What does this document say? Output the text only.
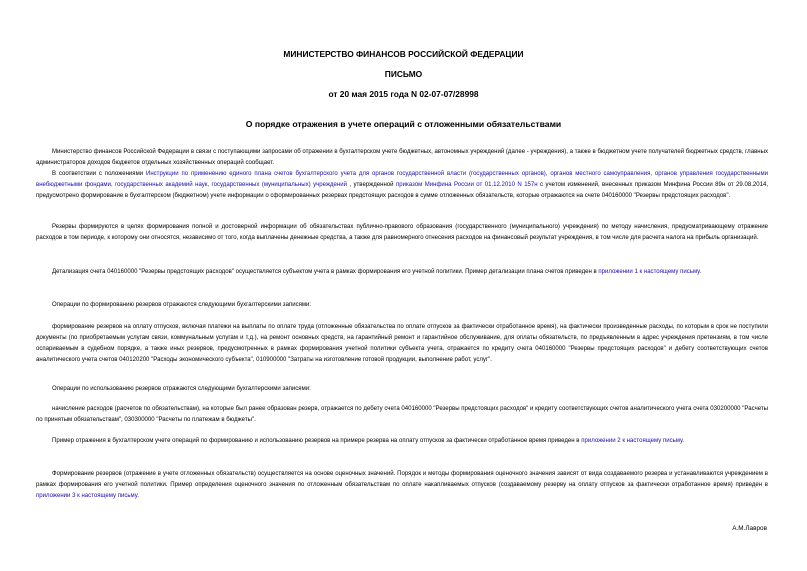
МИНИСТЕРСТВО ФИНАНСОВ РОССИЙСКОЙ ФЕДЕРАЦИИ
ПИСЬМО
от 20 мая 2015 года N 02-07-07/28998
О порядке отражения в учете операций с отложенными обязательствами
Министерство финансов Российской Федерации в связи с поступающими запросами об отражении в бухгалтерском учете бюджетных, автономных учреждений (далее - учреждения), а также в бюджетном учете получателей бюджетных средств, главных администраторов доходов бюджетов отдельных хозяйственных операций сообщает.
В соответствии с положениями Инструкции по применению единого плана счетов бухгалтерского учета для органов государственной власти (государственных органов), органов местного самоуправления, органов управления государственными внебюджетными фондами, государственных академий наук, государственных (муниципальных) учреждений , утвержденной приказом Минфина России от 01.12.2010 N 157н с учетом изменений, внесенных приказом Минфина России 89н от 29.08.2014, предусмотрено формирование в бухгалтерском (бюджетном) учете информации о сформированных резервах предстоящих расходов в сумме отложенных обязательств, которые отражаются на счете 040160000 "Резервы предстоящих расходов".
Резервы формируются в целях формирования полной и достоверной информации об обязательствах публично-правового образования (государственного (муниципального) учреждения) по методу начисления, предусматривающему отражение расходов в том периоде, к которому они относятся, независимо от того, когда выплачены денежные средства, а также для равномерного отнесения расходов на финансовый результат учреждения, в том числе для расчета налога на прибыль организаций.
Детализация счета 040160000 "Резервы предстоящих расходов" осуществляется субъектом учета в рамках формирования его учетной политики. Пример детализации плана счетов приведен в приложении 1 к настоящему письму.
Операции по формированию резервов отражаются следующими бухгалтерскими записями:
формирование резервов на оплату отпусков, включая платежи на выплаты по оплате труда (отложенные обязательства по оплате отпусков за фактически отработанное время), на фактически произведенные расходы, по которым в срок не поступили документы (по приобретаемым услугам связи, коммунальным услугам и т.д.), на ремонт основных средств, на гарантийный ремонт и гарантийное обслуживание, для оплаты обязательств, по предъявленным в адрес учреждения претензиям, в том числе оспариваемым в судебном порядке, а также иных резервов, предусмотренных в рамках формирования учетной политики субъекта учета, отражается по кредиту счета 040160000 "Резервы предстоящих расходов" и дебету соответствующих счетов аналитического учета счетов 040120200 "Расходы экономического субъекта", 010900000 "Затраты на изготовление готовой продукции, выполнение работ, услуг".
Операции по использованию резервов отражаются следующими бухгалтерскими записями:
начисление расходов (расчетов по обязательствам), на которые был ранее образован резерв, отражается по дебету счета 040160000 "Резервы предстоящих расходов" и кредиту соответствующих счетов аналитического учета счета 030200000 "Расчеты по принятым обязательствам", 030300000 "Расчеты по платежам в бюджеты".
Пример отражения в бухгалтерском учете операций по формированию и использованию резервов на примере резерва на оплату отпусков за фактически отработанное время приведен в приложении 2 к настоящему письму.
Формирование резервов (отражение в учете отложенных обязательств) осуществляется на основе оценочных значений. Порядок и методы формирования оценочного значения зависят от вида создаваемого резерва и устанавливаются учреждением в рамках формирования его учетной политики. Пример определения оценочного значения по отложенным обязательствам по оплате накапливаемых отпусков (создаваемому резерву на оплату отпусков за фактически отработанное время) приведен в приложении 3 к настоящему письму.
А.М.Лавров
